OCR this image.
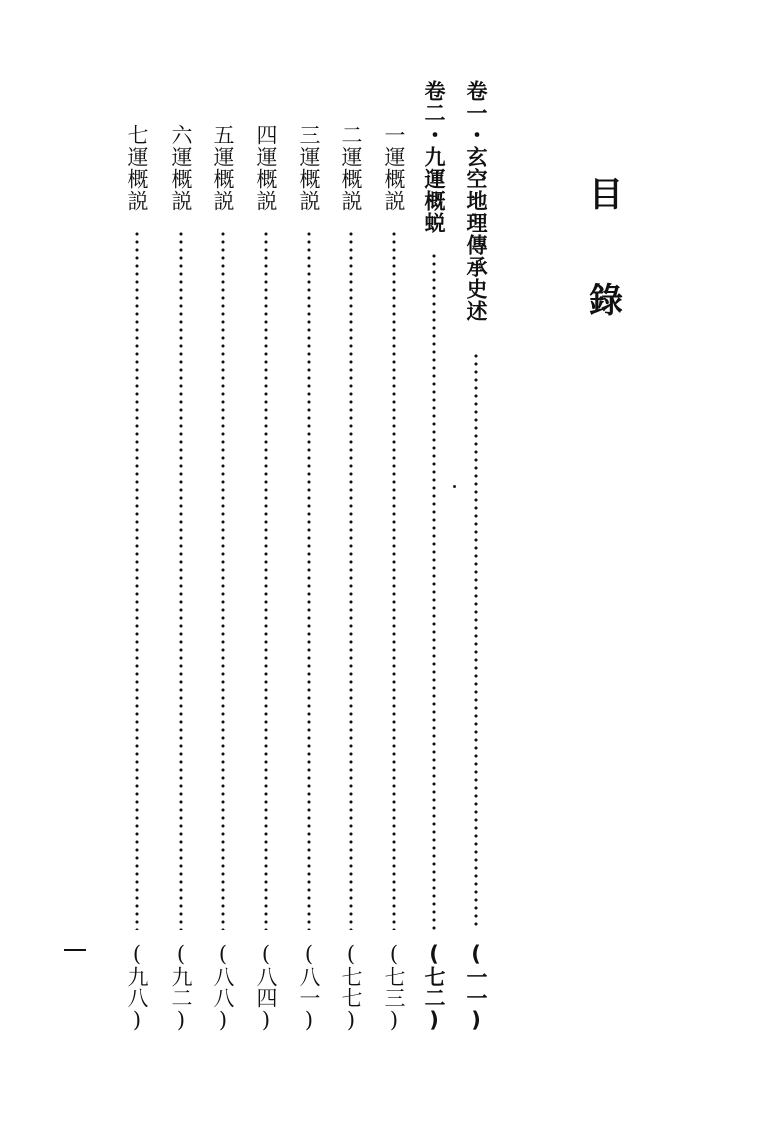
目
錄
卷一・玄空地理傳承史述
(一一)
卷二・九運概蜕
(七二)
一運概説
(七三)
二運概説
(七七)
三運概説
(八一)
四運概説
(八四)
五運概説
(八八)
六運概説
(九二)
七運概説
(九八)
